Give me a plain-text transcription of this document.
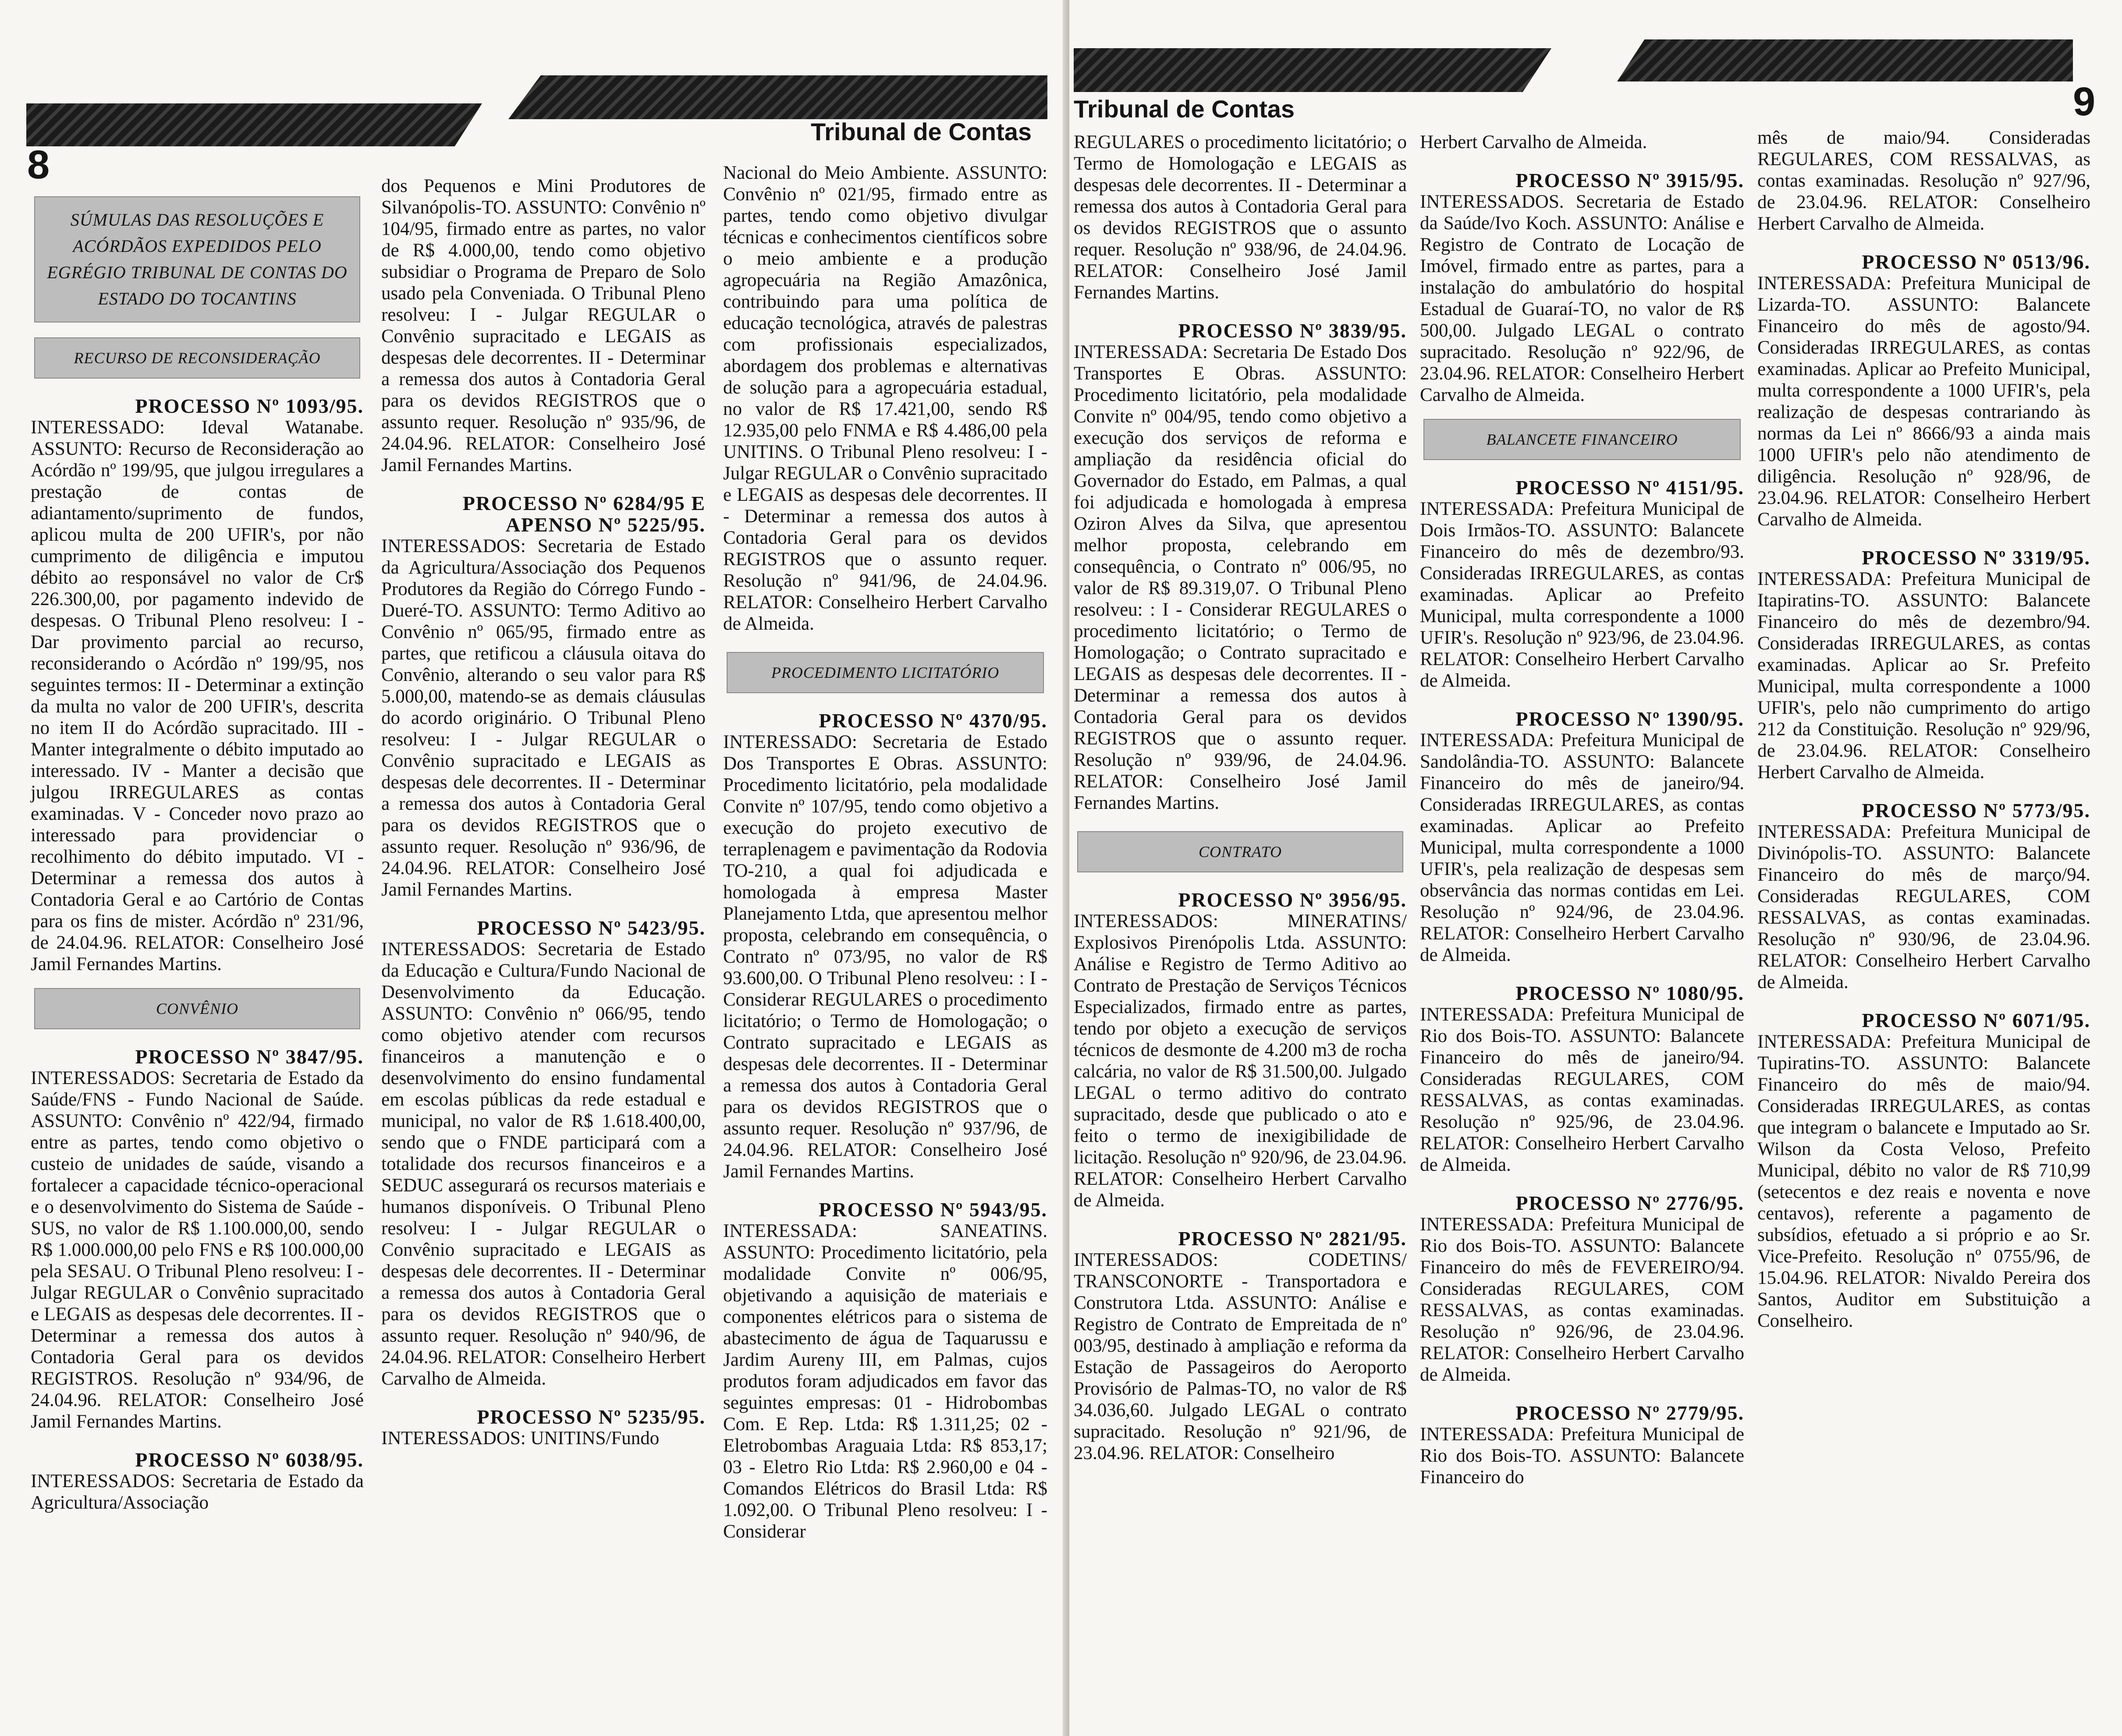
8
Tribunal de Contas
SÚMULAS DAS RESOLUÇÕES E ACÓRDÃOS EXPEDIDOS PELO EGRÉGIO TRIBUNAL DE CONTAS DO ESTADO DO TOCANTINS
RECURSO DE RECONSIDERAÇÃO
PROCESSO Nº 1093/95.

INTERESSADO: Ideval Watanabe. ASSUNTO: Recurso de Reconsideração ao Acórdão nº 199/95, que julgou irregulares a prestação de contas de adiantamento/suprimento de fundos, aplicou multa de 200 UFIR's, por não cumprimento de diligência e imputou débito ao responsável no valor de Cr$ 226.300,00, por pagamento indevido de despesas. O Tribunal Pleno resolveu: I - Dar provimento parcial ao recurso, reconsiderando o Acórdão nº 199/95, nos seguintes termos: II - Determinar a extinção da multa no valor de 200 UFIR's, descrita no item II do Acórdão supracitado. III - Manter integralmente o débito imputado ao interessado. IV - Manter a decisão que julgou IRREGULARES as contas examinadas. V - Conceder novo prazo ao interessado para providenciar o recolhimento do débito imputado. VI - Determinar a remessa dos autos à Contadoria Geral e ao Cartório de Contas para os fins de mister. Acórdão nº 231/96, de 24.04.96. RELATOR: Conselheiro José Jamil Fernandes Martins.

CONVÊNIO
PROCESSO Nº 3847/95.

INTERESSADOS: Secretaria de Estado da Saúde/FNS - Fundo Nacional de Saúde. ASSUNTO: Convênio nº 422/94, firmado entre as partes, tendo como objetivo o custeio de unidades de saúde, visando a fortalecer a capacidade técnico-operacional e o desenvolvimento do Sistema de Saúde - SUS, no valor de R$ 1.100.000,00, sendo R$ 1.000.000,00 pelo FNS e R$ 100.000,00 pela SESAU. O Tribunal Pleno resolveu: I - Julgar REGULAR o Convênio supracitado e LEGAIS as despesas dele decorrentes. II - Determinar a remessa dos autos à Contadoria Geral para os devidos REGISTROS. Resolução nº 934/96, de 24.04.96. RELATOR: Conselheiro José Jamil Fernandes Martins.

PROCESSO Nº 6038/95.

INTERESSADOS: Secretaria de Estado da Agricultura/Associação

dos Pequenos e Mini Produtores de Silvanópolis-TO. ASSUNTO: Convênio nº 104/95, firmado entre as partes, no valor de R$ 4.000,00, tendo como objetivo subsidiar o Programa de Preparo de Solo usado pela Conveniada. O Tribunal Pleno resolveu: I - Julgar REGULAR o Convênio supracitado e LEGAIS as despesas dele decorrentes. II - Determinar a remessa dos autos à Contadoria Geral para os devidos REGISTROS que o assunto requer. Resolução nº 935/96, de 24.04.96. RELATOR: Conselheiro José Jamil Fernandes Martins.

PROCESSO Nº 6284/95 E APENSO Nº 5225/95.

INTERESSADOS: Secretaria de Estado da Agricultura/Associação dos Pequenos Produtores da Região do Córrego Fundo - Dueré-TO. ASSUNTO: Termo Aditivo ao Convênio nº 065/95, firmado entre as partes, que retificou a cláusula oitava do Convênio, alterando o seu valor para R$ 5.000,00, matendo-se as demais cláusulas do acordo originário. O Tribunal Pleno resolveu: I - Julgar REGULAR o Convênio supracitado e LEGAIS as despesas dele decorrentes. II - Determinar a remessa dos autos à Contadoria Geral para os devidos REGISTROS que o assunto requer. Resolução nº 936/96, de 24.04.96. RELATOR: Conselheiro José Jamil Fernandes Martins.

PROCESSO Nº 5423/95.

INTERESSADOS: Secretaria de Estado da Educação e Cultura/Fundo Nacional de Desenvolvimento da Educação. ASSUNTO: Convênio nº 066/95, tendo como objetivo atender com recursos financeiros a manutenção e o desenvolvimento do ensino fundamental em escolas públicas da rede estadual e municipal, no valor de R$ 1.618.400,00, sendo que o FNDE participará com a totalidade dos recursos financeiros e a SEDUC assegurará os recursos materiais e humanos disponíveis. O Tribunal Pleno resolveu: I - Julgar REGULAR o Convênio supracitado e LEGAIS as despesas dele decorrentes. II - Determinar a remessa dos autos à Contadoria Geral para os devidos REGISTROS que o assunto requer. Resolução nº 940/96, de 24.04.96. RELATOR: Conselheiro Herbert Carvalho de Almeida.

PROCESSO Nº 5235/95.

INTERESSADOS: UNITINS/Fundo

Nacional do Meio Ambiente. ASSUNTO: Convênio nº 021/95, firmado entre as partes, tendo como objetivo divulgar técnicas e conhecimentos científicos sobre o meio ambiente e a produção agropecuária na Região Amazônica, contribuindo para uma política de educação tecnológica, através de palestras com profissionais especializados, abordagem dos problemas e alternativas de solução para a agropecuária estadual, no valor de R$ 17.421,00, sendo R$ 12.935,00 pelo FNMA e R$ 4.486,00 pela UNITINS. O Tribunal Pleno resolveu: I - Julgar REGULAR o Convênio supracitado e LEGAIS as despesas dele decorrentes. II - Determinar a remessa dos autos à Contadoria Geral para os devidos REGISTROS que o assunto requer. Resolução nº 941/96, de 24.04.96. RELATOR: Conselheiro Herbert Carvalho de Almeida.

PROCEDIMENTO LICITATÓRIO
PROCESSO Nº 4370/95.

INTERESSADO: Secretaria de Estado Dos Transportes E Obras. ASSUNTO: Procedimento licitatório, pela modalidade Convite nº 107/95, tendo como objetivo a execução do projeto executivo de terraplenagem e pavimentação da Rodovia TO-210, a qual foi adjudicada e homologada à empresa Master Planejamento Ltda, que apresentou melhor proposta, celebrando em consequência, o Contrato nº 073/95, no valor de R$ 93.600,00. O Tribunal Pleno resolveu: : I - Considerar REGULARES o procedimento licitatório; o Termo de Homologação; o Contrato supracitado e LEGAIS as despesas dele decorrentes. II - Determinar a remessa dos autos à Contadoria Geral para os devidos REGISTROS que o assunto requer. Resolução nº 937/96, de 24.04.96. RELATOR: Conselheiro José Jamil Fernandes Martins.

PROCESSO Nº 5943/95.

INTERESSADA: SANEATINS. ASSUNTO: Procedimento licitatório, pela modalidade Convite nº 006/95, objetivando a aquisição de materiais e componentes elétricos para o sistema de abastecimento de água de Taquarussu e Jardim Aureny III, em Palmas, cujos produtos foram adjudicados em favor das seguintes empresas: 01 - Hidrobombas Com. E Rep. Ltda: R$ 1.311,25; 02 - Eletrobombas Araguaia Ltda: R$ 853,17; 03 - Eletro Rio Ltda: R$ 2.960,00 e 04 - Comandos Elétricos do Brasil Ltda: R$ 1.092,00. O Tribunal Pleno resolveu: I - Considerar

Tribunal de Contas	9

REGULARES o procedimento licitatório; o Termo de Homologação e LEGAIS as despesas dele decorrentes. II - Determinar a remessa dos autos à Contadoria Geral para os devidos REGISTROS que o assunto requer. Resolução nº 938/96, de 24.04.96. RELATOR: Conselheiro José Jamil Fernandes Martins.

PROCESSO Nº 3839/95.

INTERESSADA: Secretaria De Estado Dos Transportes E Obras. ASSUNTO: Procedimento licitatório, pela modalidade Convite nº 004/95, tendo como objetivo a execução dos serviços de reforma e ampliação da residência oficial do Governador do Estado, em Palmas, a qual foi adjudicada e homologada à empresa Oziron Alves da Silva, que apresentou melhor proposta, celebrando em consequência, o Contrato nº 006/95, no valor de R$ 89.319,07. O Tribunal Pleno resolveu: : I - Considerar REGULARES o procedimento licitatório; o Termo de Homologação; o Contrato supracitado e LEGAIS as despesas dele decorrentes. II - Determinar a remessa dos autos à Contadoria Geral para os devidos REGISTROS que o assunto requer. Resolução nº 939/96, de 24.04.96. RELATOR: Conselheiro José Jamil Fernandes Martins.

CONTRATO
PROCESSO Nº 3956/95.

INTERESSADOS: MINERATINS/ Explosivos Pirenópolis Ltda. ASSUNTO: Análise e Registro de Termo Aditivo ao Contrato de Prestação de Serviços Técnicos Especializados, firmado entre as partes, tendo por objeto a execução de serviços técnicos de desmonte de 4.200 m3 de rocha calcária, no valor de R$ 31.500,00. Julgado LEGAL o termo aditivo do contrato supracitado, desde que publicado o ato e feito o termo de inexigibilidade de licitação. Resolução nº 920/96, de 23.04.96. RELATOR: Conselheiro Herbert Carvalho de Almeida.

PROCESSO Nº 2821/95.

INTERESSADOS: CODETINS/ TRANSCONORTE - Transportadora e Construtora Ltda. ASSUNTO: Análise e Registro de Contrato de Empreitada de nº 003/95, destinado à ampliação e reforma da Estação de Passageiros do Aeroporto Provisório de Palmas-TO, no valor de R$ 34.036,60. Julgado LEGAL o contrato supracitado. Resolução nº 921/96, de 23.04.96. RELATOR: Conselheiro

Herbert Carvalho de Almeida.

PROCESSO Nº 3915/95.

INTERESSADOS. Secretaria de Estado da Saúde/Ivo Koch. ASSUNTO: Análise e Registro de Contrato de Locação de Imóvel, firmado entre as partes, para a instalação do ambulatório do hospital Estadual de Guaraí-TO, no valor de R$ 500,00. Julgado LEGAL o contrato supracitado. Resolução nº 922/96, de 23.04.96. RELATOR: Conselheiro Herbert Carvalho de Almeida.

BALANCETE FINANCEIRO
PROCESSO Nº 4151/95.

INTERESSADA: Prefeitura Municipal de Dois Irmãos-TO. ASSUNTO: Balancete Financeiro do mês de dezembro/93. Consideradas IRREGULARES, as contas examinadas. Aplicar ao Prefeito Municipal, multa correspondente a 1000 UFIR's. Resolução nº 923/96, de 23.04.96. RELATOR: Conselheiro Herbert Carvalho de Almeida.

PROCESSO Nº 1390/95.

INTERESSADA: Prefeitura Municipal de Sandolândia-TO. ASSUNTO: Balancete Financeiro do mês de janeiro/94. Consideradas IRREGULARES, as contas examinadas. Aplicar ao Prefeito Municipal, multa correspondente a 1000 UFIR's, pela realização de despesas sem observância das normas contidas em Lei. Resolução nº 924/96, de 23.04.96. RELATOR: Conselheiro Herbert Carvalho de Almeida.

PROCESSO Nº 1080/95.

INTERESSADA: Prefeitura Municipal de Rio dos Bois-TO. ASSUNTO: Balancete Financeiro do mês de janeiro/94. Consideradas REGULARES, COM RESSALVAS, as contas examinadas. Resolução nº 925/96, de 23.04.96. RELATOR: Conselheiro Herbert Carvalho de Almeida.

PROCESSO Nº 2776/95.

INTERESSADA: Prefeitura Municipal de Rio dos Bois-TO. ASSUNTO: Balancete Financeiro do mês de FEVEREIRO/94. Consideradas REGULARES, COM RESSALVAS, as contas examinadas. Resolução nº 926/96, de 23.04.96. RELATOR: Conselheiro Herbert Carvalho de Almeida.

PROCESSO Nº 2779/95.

INTERESSADA: Prefeitura Municipal de Rio dos Bois-TO. ASSUNTO: Balancete Financeiro do

mês de maio/94. Consideradas REGULARES, COM RESSALVAS, as contas examinadas. Resolução nº 927/96, de 23.04.96. RELATOR: Conselheiro Herbert Carvalho de Almeida.

PROCESSO Nº 0513/96.

INTERESSADA: Prefeitura Municipal de Lizarda-TO. ASSUNTO: Balancete Financeiro do mês de agosto/94. Consideradas IRREGULARES, as contas examinadas. Aplicar ao Prefeito Municipal, multa correspondente a 1000 UFIR's, pela realização de despesas contrariando às normas da Lei nº 8666/93 a ainda mais 1000 UFIR's pelo não atendimento de diligência. Resolução nº 928/96, de 23.04.96. RELATOR: Conselheiro Herbert Carvalho de Almeida.

PROCESSO Nº 3319/95.

INTERESSADA: Prefeitura Municipal de Itapiratins-TO. ASSUNTO: Balancete Financeiro do mês de dezembro/94. Consideradas IRREGULARES, as contas examinadas. Aplicar ao Sr. Prefeito Municipal, multa correspondente a 1000 UFIR's, pelo não cumprimento do artigo 212 da Constituição. Resolução nº 929/96, de 23.04.96. RELATOR: Conselheiro Herbert Carvalho de Almeida.

PROCESSO Nº 5773/95.

INTERESSADA: Prefeitura Municipal de Divinópolis-TO. ASSUNTO: Balancete Financeiro do mês de março/94. Consideradas REGULARES, COM RESSALVAS, as contas examinadas. Resolução nº 930/96, de 23.04.96. RELATOR: Conselheiro Herbert Carvalho de Almeida.

PROCESSO Nº 6071/95.

INTERESSADA: Prefeitura Municipal de Tupiratins-TO. ASSUNTO: Balancete Financeiro do mês de maio/94. Consideradas IRREGULARES, as contas que integram o balancete e Imputado ao Sr. Wilson da Costa Veloso, Prefeito Municipal, débito no valor de R$ 710,99 (setecentos e dez reais e noventa e nove centavos), referente a pagamento de subsídios, efetuado a si próprio e ao Sr. Vice-Prefeito. Resolução nº 0755/96, de 15.04.96. RELATOR: Nivaldo Pereira dos Santos, Auditor em Substituição a Conselheiro.
